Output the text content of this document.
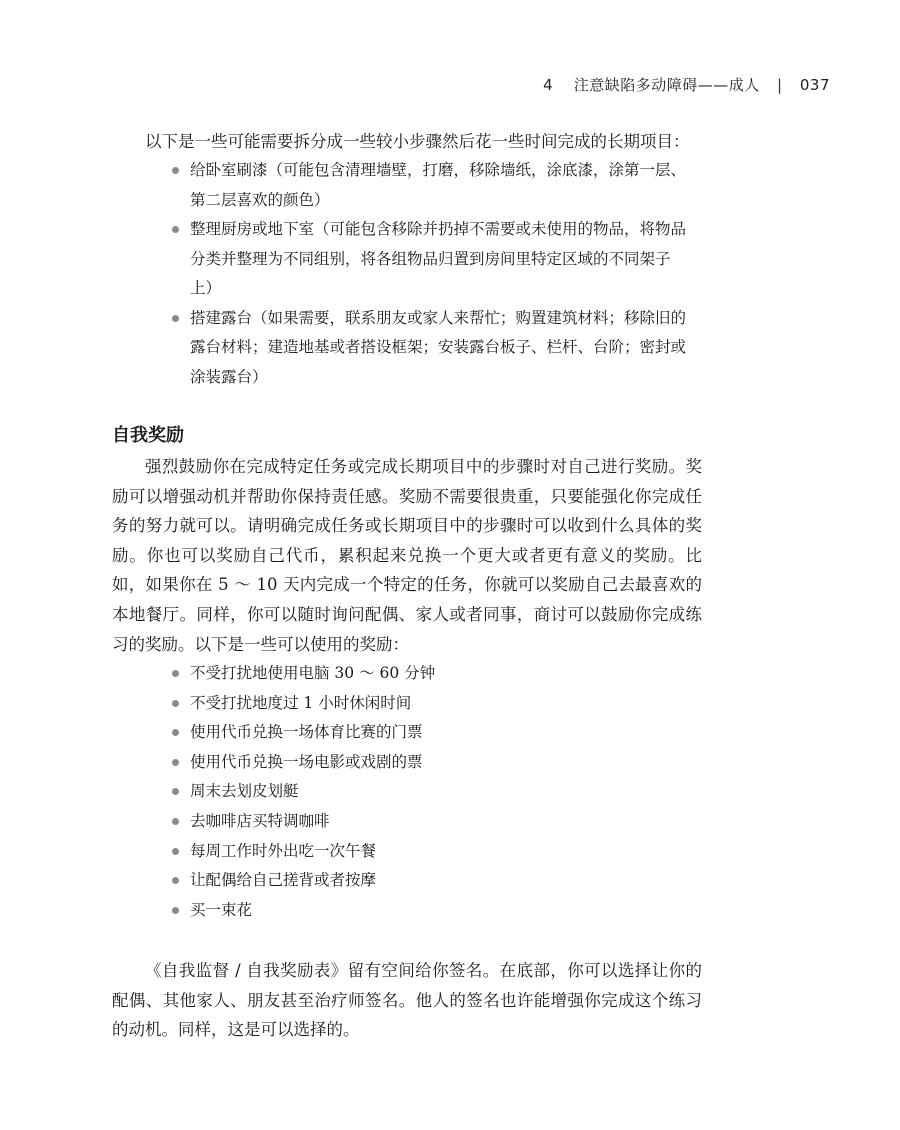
4 注意缺陷多动障碍——成人 | 037

以下是一些可能需要拆分成一些较小步骤然后花一些时间完成的长期项目：

给卧室刷漆（可能包含清理墙壁，打磨，移除墙纸，涂底漆，涂第一层、第二层喜欢的颜色）
整理厨房或地下室（可能包含移除并扔掉不需要或未使用的物品，将物品分类并整理为不同组别，将各组物品归置到房间里特定区域的不同架子上）
搭建露台（如果需要，联系朋友或家人来帮忙；购置建筑材料；移除旧的露台材料；建造地基或者搭设框架；安装露台板子、栏杆、台阶；密封或涂装露台）
自我奖励

强烈鼓励你在完成特定任务或完成长期项目中的步骤时对自己进行奖励。奖励可以增强动机并帮助你保持责任感。奖励不需要很贵重，只要能强化你完成任务的努力就可以。请明确完成任务或长期项目中的步骤时可以收到什么具体的奖励。你也可以奖励自己代币，累积起来兑换一个更大或者更有意义的奖励。比如，如果你在 5 ～ 10 天内完成一个特定的任务，你就可以奖励自己去最喜欢的本地餐厅。同样，你可以随时询问配偶、家人或者同事，商讨可以鼓励你完成练习的奖励。以下是一些可以使用的奖励：

不受打扰地使用电脑 30 ～ 60 分钟
不受打扰地度过 1 小时休闲时间
使用代币兑换一场体育比赛的门票
使用代币兑换一场电影或戏剧的票
周末去划皮划艇
去咖啡店买特调咖啡
每周工作时外出吃一次午餐
让配偶给自己搓背或者按摩
买一束花

《自我监督 / 自我奖励表》留有空间给你签名。在底部，你可以选择让你的配偶、其他家人、朋友甚至治疗师签名。他人的签名也许能增强你完成这个练习的动机。同样，这是可以选择的。
